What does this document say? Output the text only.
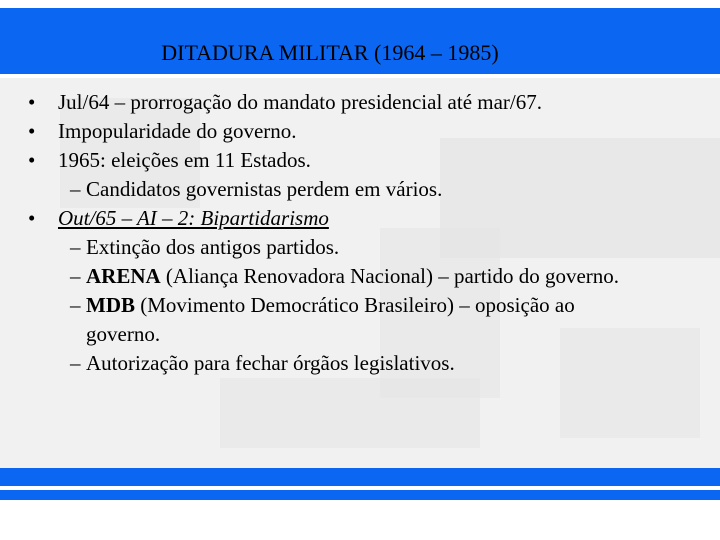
DITADURA MILITAR (1964 – 1985)
•	Jul/64 – prorrogação do mandato presidencial até mar/67.
•	Impopularidade do governo.
•	1965: eleições em 11 Estados.
– Candidatos governistas perdem em vários.
•	Out/65 – AI – 2: Bipartidarismo
– Extinção dos antigos partidos.
– ARENA (Aliança Renovadora Nacional) – partido do governo.
– MDB (Movimento Democrático Brasileiro) – oposição ao
governo.
– Autorização para fechar órgãos legislativos.
